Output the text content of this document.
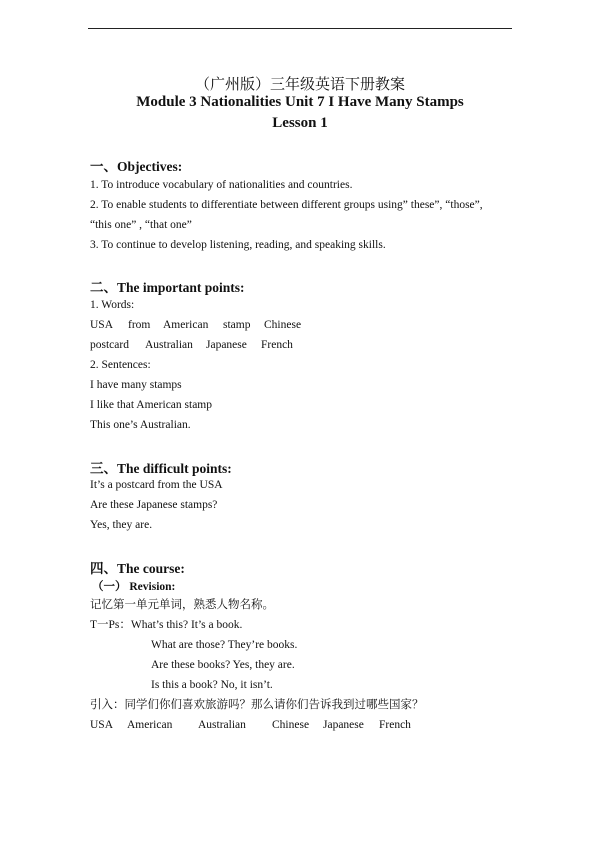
（广州版）三年级英语下册教案
Module 3 Nationalities Unit 7 I Have Many Stamps
Lesson 1
一、Objectives:
1. To introduce vocabulary of nationalities and countries.
2. To enable students to differentiate between different groups using” these”, “those”,
“this one” , “that one”
3. To continue to develop listening, reading, and speaking skills.
二、The important points:
1. Words:
USA from American stamp Chinese
postcard Australian Japanese French
2. Sentences:
I have many stamps
I like that American stamp
This one’s Australian.
三、The difficult points:
It’s a postcard from the USA
Are these Japanese stamps?
Yes, they are.
四、The course:
（一） Revision:
记忆第一单元单词，熟悉人物名称。
T一Ps：What’s this? It’s a book.
What are those? They’re books.
Are these books? Yes, they are.
Is this a book? No, it isn’t.
引入：同学们你们喜欢旅游吗？那么请你们告诉我到过哪些国家？
USA American Australian Chinese Japanese French
